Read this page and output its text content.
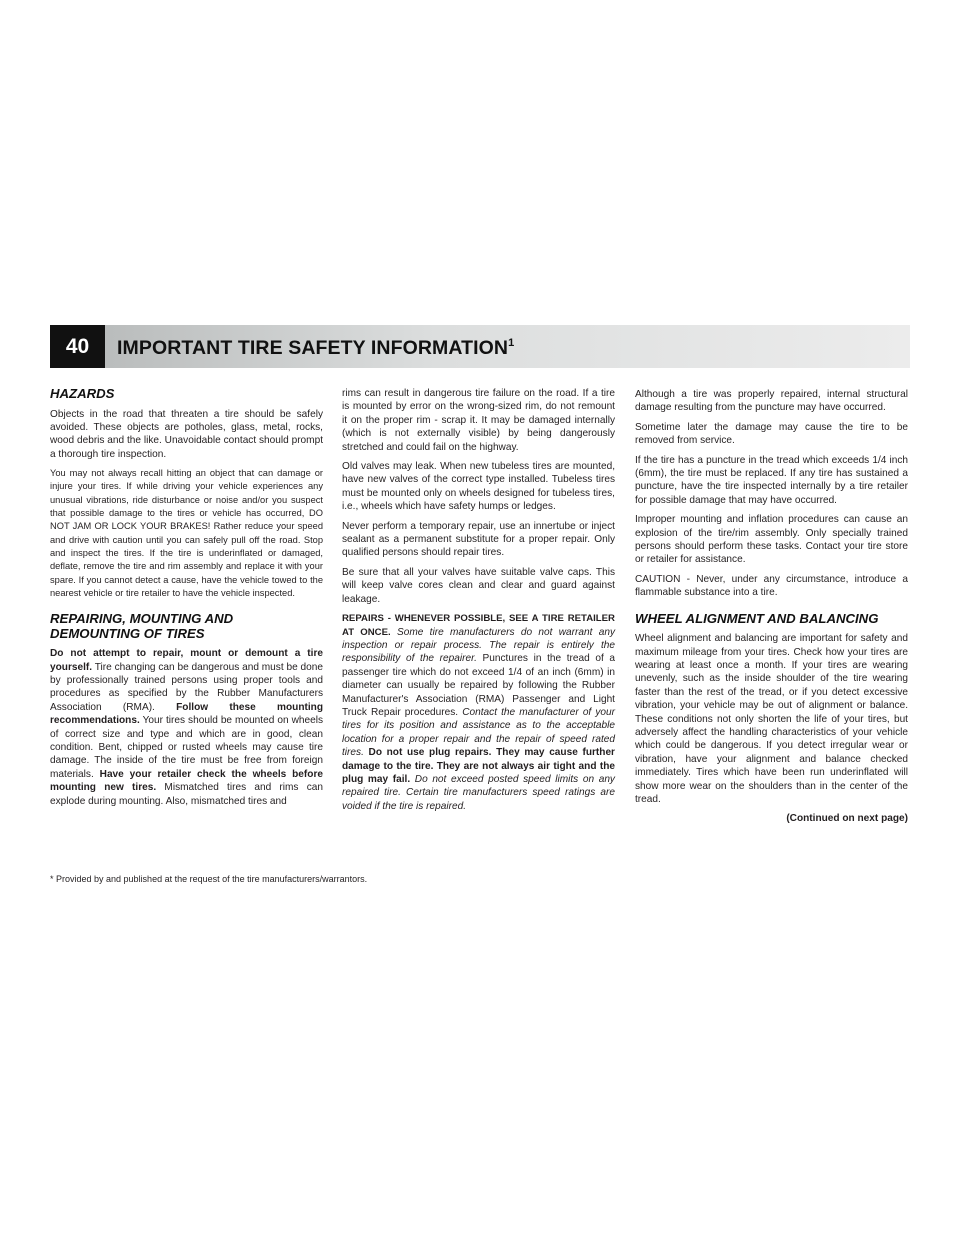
40	IMPORTANT TIRE SAFETY INFORMATION$^1$
HAZARDS

Objects in the road that threaten a tire should be safely avoided. These objects are potholes, glass, metal, rocks, wood debris and the like. Unavoidable contact should prompt a thorough tire inspection.

You may not always recall hitting an object that can damage or injure your tires. If while driving your vehicle experiences any unusual vibrations, ride disturbance or noise and/or you suspect that possible damage to the tires or vehicle has occurred, DO NOT JAM OR LOCK YOUR BRAKES! Rather reduce your speed and drive with caution until you can safely pull off the road. Stop and inspect the tires. If the tire is underinflated or damaged, deflate, remove the tire and rim assembly and replace it with your spare. If you cannot detect a cause, have the vehicle towed to the nearest vehicle or tire retailer to have the vehicle inspected.

REPAIRING, MOUNTING AND DEMOUNTING OF TIRES

Do not attempt to repair, mount or demount a tire yourself. Tire changing can be dangerous and must be done by professionally trained persons using proper tools and procedures as specified by the Rubber Manufacturers Association (RMA). Follow these mounting recommendations. Your tires should be mounted on wheels of correct size and type and which are in good, clean condition. Bent, chipped or rusted wheels may cause tire damage. The inside of the tire must be free from foreign materials. Have your retailer check the wheels before mounting new tires. Mismatched tires and rims can explode during mounting. Also, mismatched tires and

rims can result in dangerous tire failure on the road. If a tire is mounted by error on the wrong-sized rim, do not remount it on the proper rim - scrap it. It may be damaged internally (which is not externally visible) by being dangerously stretched and could fail on the highway.

Old valves may leak. When new tubeless tires are mounted, have new valves of the correct type installed. Tubeless tires must be mounted only on wheels designed for tubeless tires, i.e., wheels which have safety humps or ledges.

Never perform a temporary repair, use an innertube or inject sealant as a permanent substitute for a proper repair. Only qualified persons should repair tires.

Be sure that all your valves have suitable valve caps. This will keep valve cores clean and clear and guard against leakage.

REPAIRS - WHENEVER POSSIBLE, SEE A TIRE RETAILER AT ONCE. Some tire manufacturers do not warrant any inspection or repair process. The repair is entirely the responsibility of the repairer. Punctures in the tread of a passenger tire which do not exceed 1/4 of an inch (6mm) in diameter can usually be repaired by following the Rubber Manufacturer's Association (RMA) Passenger and Light Truck Repair procedures. Contact the manufacturer of your tires for its position and assistance as to the acceptable location for a proper repair and the repair of speed rated tires. Do not use plug repairs. They may cause further damage to the tire. They are not always air tight and the plug may fail. Do not exceed posted speed limits on any repaired tire. Certain tire manufacturers speed ratings are voided if the tire is repaired.

Although a tire was properly repaired, internal structural damage resulting from the puncture may have occurred.

Sometime later the damage may cause the tire to be removed from service.

If the tire has a puncture in the tread which exceeds 1/4 inch (6mm), the tire must be replaced. If any tire has sustained a puncture, have the tire inspected internally by a tire retailer for possible damage that may have occurred.

Improper mounting and inflation procedures can cause an explosion of the tire/rim assembly. Only specially trained persons should perform these tasks. Contact your tire store or retailer for assistance.

CAUTION - Never, under any circumstance, introduce a flammable substance into a tire.

WHEEL ALIGNMENT AND BALANCING

Wheel alignment and balancing are important for safety and maximum mileage from your tires. Check how your tires are wearing at least once a month. If your tires are wearing unevenly, such as the inside shoulder of the tire wearing faster than the rest of the tread, or if you detect excessive vibration, your vehicle may be out of alignment or balance. These conditions not only shorten the life of your tires, but adversely affect the handling characteristics of your vehicle which could be dangerous. If you detect irregular wear or vibration, have your alignment and balance checked immediately. Tires which have been run underinflated will show more wear on the shoulders than in the center of the tread.

(Continued on next page)

* Provided by and published at the request of the tire manufacturers/warrantors.
